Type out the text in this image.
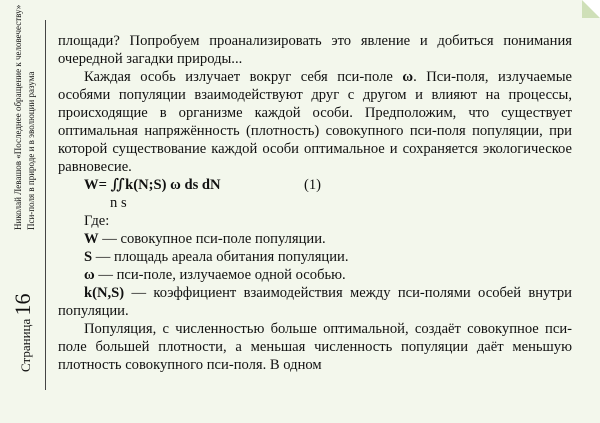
Страница 16
Николай Левашов «Последнее обращение к человечеству» Пси-поля в природе и в эволюции разума

площади? Попробуем проанализировать это явление и добиться понимания очередной загадки природы...

Каждая особь излучает вокруг себя пси-поле ω. Пси-поля, излучаемые особями популяции взаимодействуют друг с другом и влияют на процессы, происходящие в организме каждой особи. Предположим, что существует оптимальная напряжённость (плотность) совокупного пси-поля популяции, при которой существование каждой особи оптимальное и сохраняется экологическое равновесие.

W= ∬k(N;S) ω ds dN	(1)

n s

Где:

W — совокупное пси-поле популяции.

S — площадь ареала обитания популяции.

ω — пси-поле, излучаемое одной особью.

k(N,S) — коэффициент взаимодействия между пси-полями особей внутри популяции.

Популяция, с численностью больше оптимальной, создаёт совокупное пси-поле большей плотности, а меньшая численность популяции даёт меньшую плотность совокупного пси-поля. В одном
